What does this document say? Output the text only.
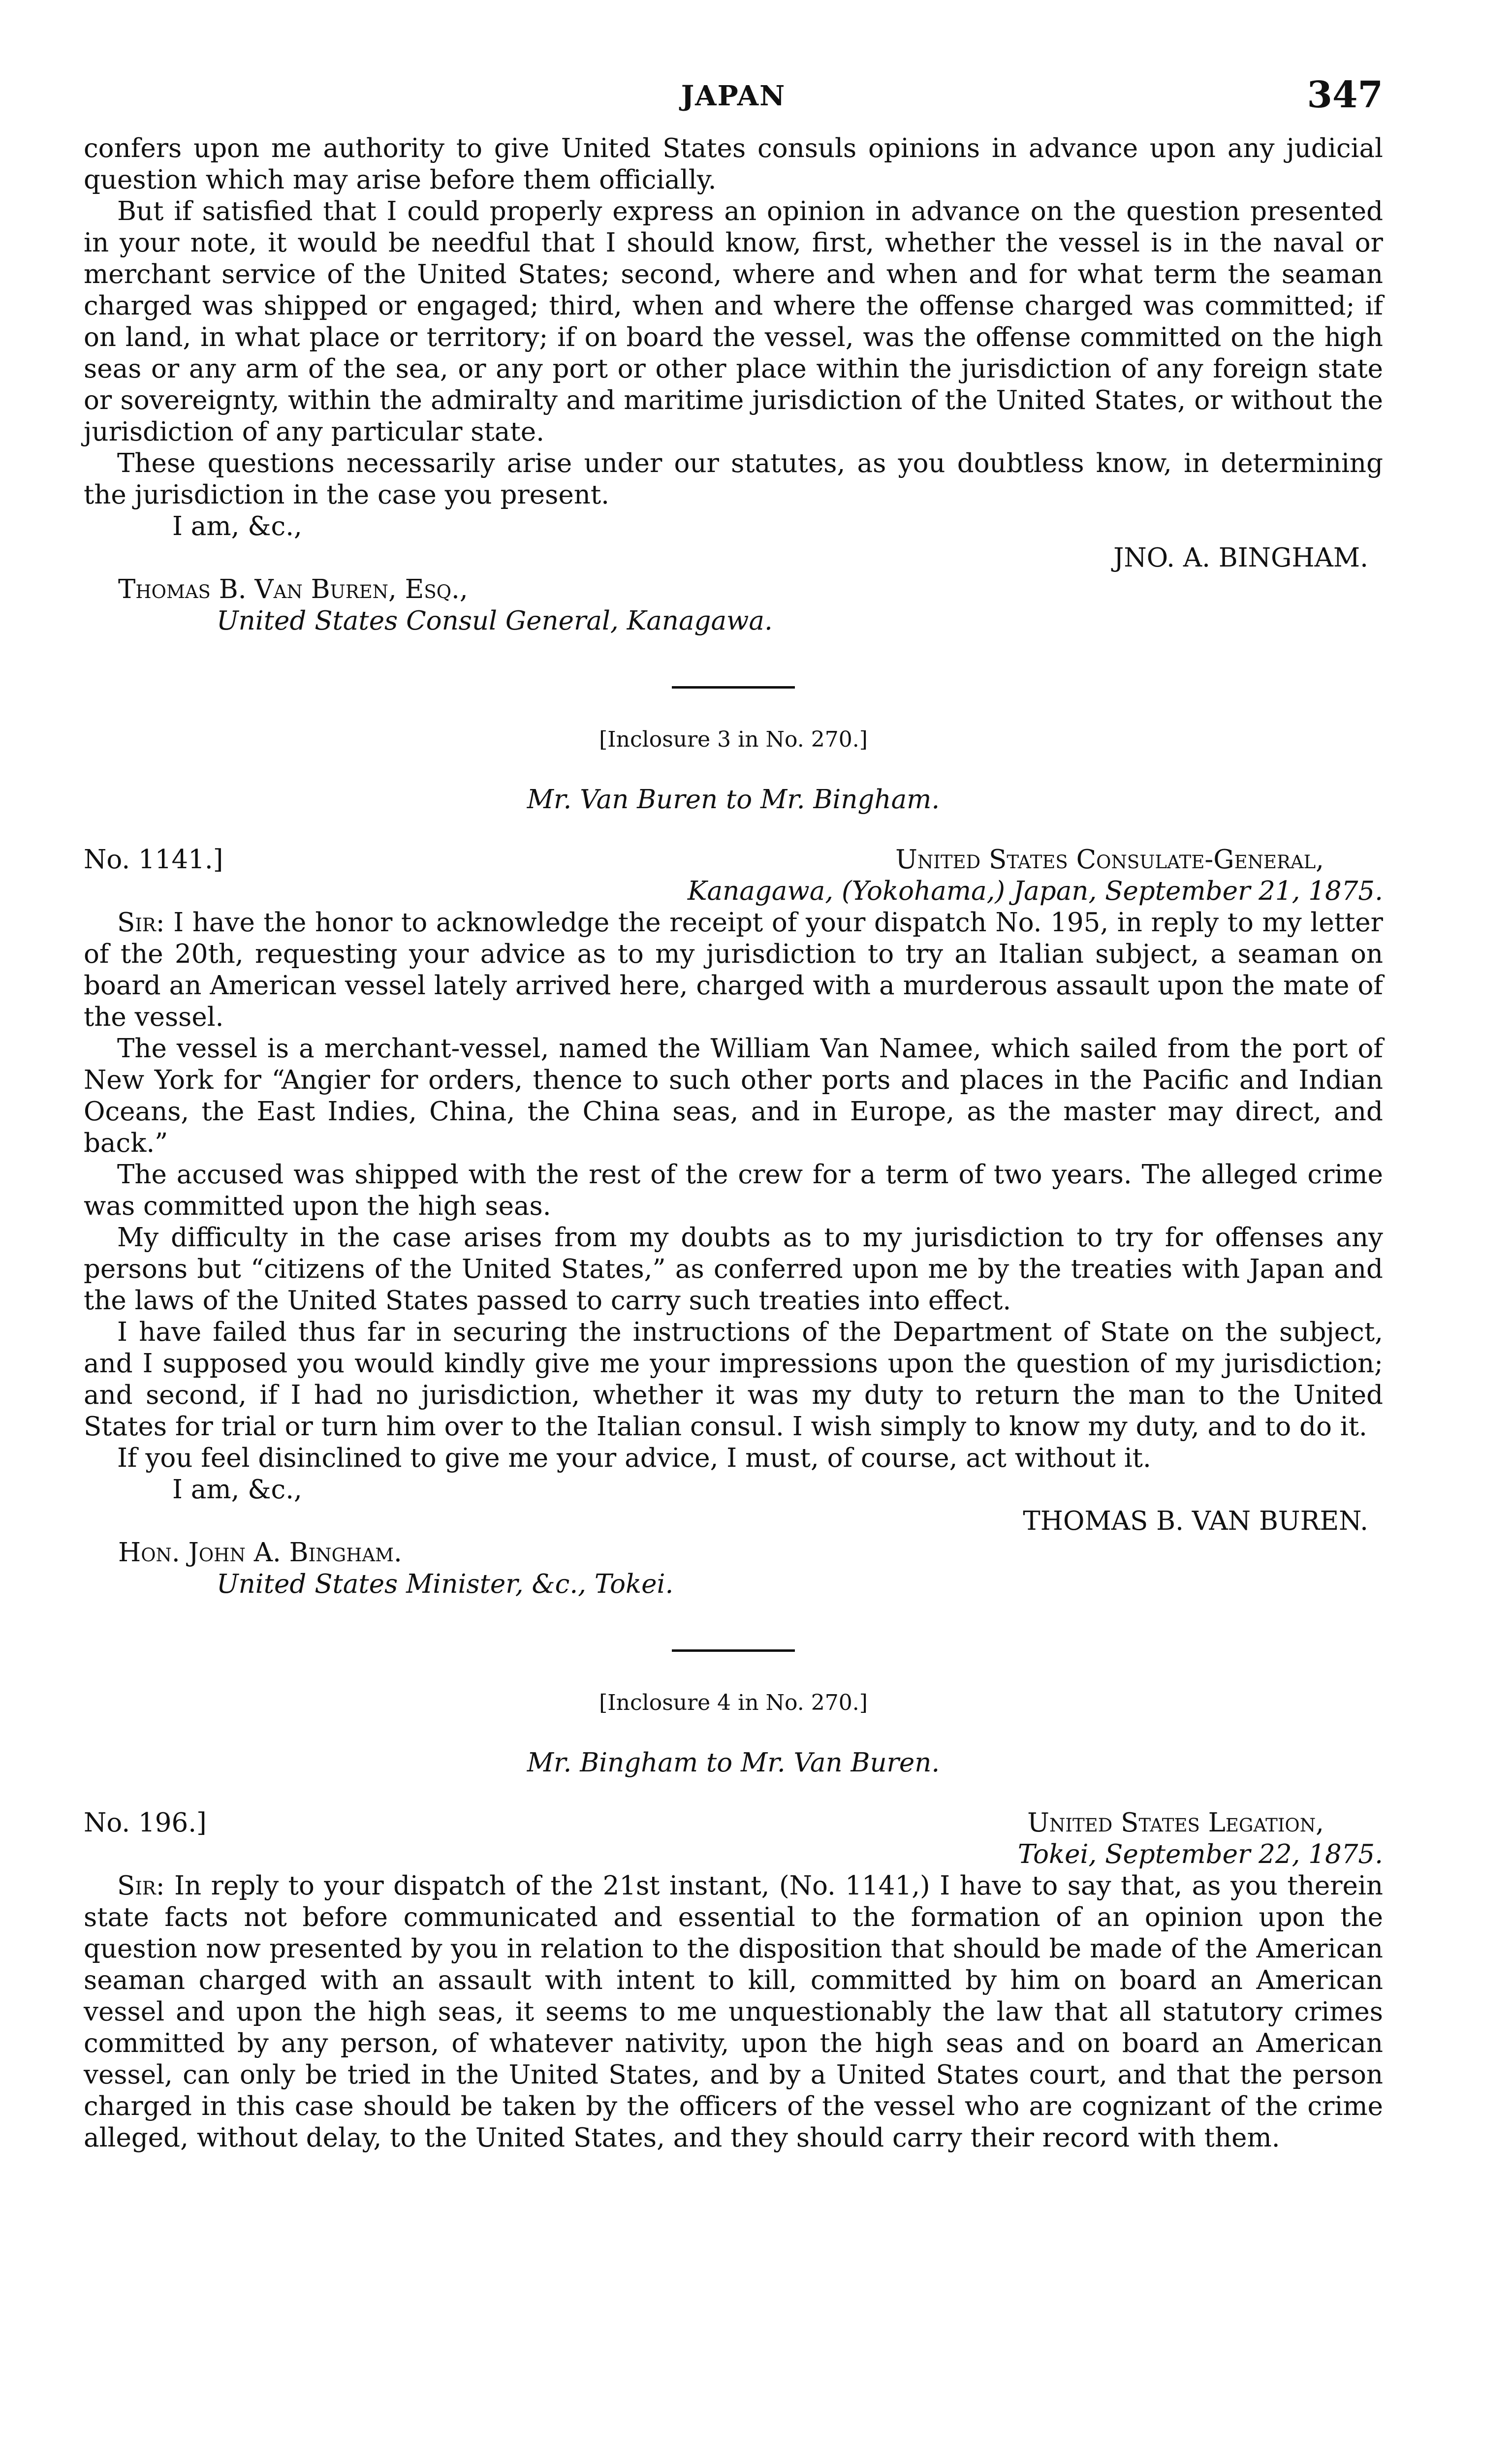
JAPAN	347

confers upon me authority to give United States consuls opinions in advance upon any judicial question which may arise before them officially.

But if satisfied that I could properly express an opinion in advance on the question presented in your note, it would be needful that I should know, first, whether the vessel is in the naval or merchant service of the United States; second, where and when and for what term the seaman charged was shipped or engaged; third, when and where the offense charged was committed; if on land, in what place or territory; if on board the vessel, was the offense committed on the high seas or any arm of the sea, or any port or other place within the jurisdiction of any foreign state or sovereignty, within the admiralty and maritime jurisdiction of the United States, or without the jurisdiction of any particular state.

These questions necessarily arise under our statutes, as you doubtless know, in determining the jurisdiction in the case you present.

I am, &c.,
JNO. A. BINGHAM.
Thomas B. Van Buren, Esq.,
United States Consul General, Kanagawa.
[Inclosure 3 in No. 270.]
Mr. Van Buren to Mr. Bingham.
No. 1141.]	United States Consulate-General,
Kanagawa, (Yokohama,) Japan, September 21, 1875.

Sir: I have the honor to acknowledge the receipt of your dispatch No. 195, in reply to my letter of the 20th, requesting your advice as to my jurisdiction to try an Italian subject, a seaman on board an American vessel lately arrived here, charged with a murderous assault upon the mate of the vessel.

The vessel is a merchant-vessel, named the William Van Namee, which sailed from the port of New York for “Angier for orders, thence to such other ports and places in the Pacific and Indian Oceans, the East Indies, China, the China seas, and in Europe, as the master may direct, and back.”

The accused was shipped with the rest of the crew for a term of two years. The alleged crime was committed upon the high seas.

My difficulty in the case arises from my doubts as to my jurisdiction to try for offenses any persons but “citizens of the United States,” as conferred upon me by the treaties with Japan and the laws of the United States passed to carry such treaties into effect.

I have failed thus far in securing the instructions of the Department of State on the subject, and I supposed you would kindly give me your impressions upon the question of my jurisdiction; and second, if I had no jurisdiction, whether it was my duty to return the man to the United States for trial or turn him over to the Italian consul. I wish simply to know my duty, and to do it.

If you feel disinclined to give me your advice, I must, of course, act without it.

I am, &c.,
THOMAS B. VAN BUREN.
Hon. John A. Bingham.
United States Minister, &c., Tokei.
[Inclosure 4 in No. 270.]
Mr. Bingham to Mr. Van Buren.
No. 196.]	United States Legation,
Tokei, September 22, 1875.

Sir: In reply to your dispatch of the 21st instant, (No. 1141,) I have to say that, as you therein state facts not before communicated and essential to the formation of an opinion upon the question now presented by you in relation to the disposition that should be made of the American seaman charged with an assault with intent to kill, committed by him on board an American vessel and upon the high seas, it seems to me unquestionably the law that all statutory crimes committed by any person, of whatever nativity, upon the high seas and on board an American vessel, can only be tried in the United States, and by a United States court, and that the person charged in this case should be taken by the officers of the vessel who are cognizant of the crime alleged, without delay, to the United States, and they should carry their record with them.
